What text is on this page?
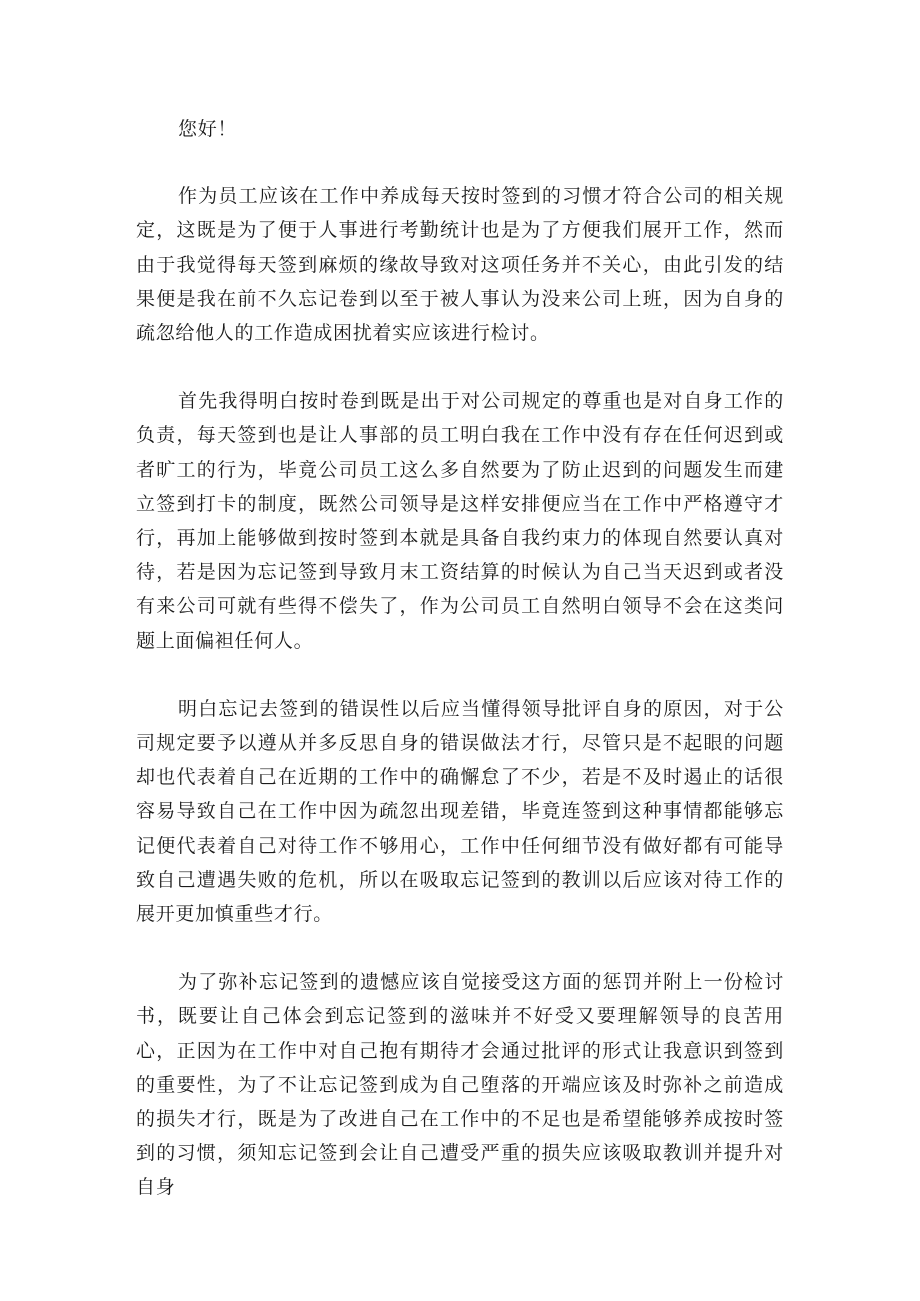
您好！

作为员工应该在工作中养成每天按时签到的习惯才符合公司的相关规定，这既是为了便于人事进行考勤统计也是为了方便我们展开工作，然而由于我觉得每天签到麻烦的缘故导致对这项任务并不关心，由此引发的结果便是我在前不久忘记卷到以至于被人事认为没来公司上班，因为自身的疏忽给他人的工作造成困扰着实应该进行检讨。

首先我得明白按时卷到既是出于对公司规定的尊重也是对自身工作的负责，每天签到也是让人事部的员工明白我在工作中没有存在任何迟到或者旷工的行为，毕竟公司员工这么多自然要为了防止迟到的问题发生而建立签到打卡的制度，既然公司领导是这样安排便应当在工作中严格遵守才行，再加上能够做到按时签到本就是具备自我约束力的体现自然要认真对待，若是因为忘记签到导致月末工资结算的时候认为自己当天迟到或者没有来公司可就有些得不偿失了，作为公司员工自然明白领导不会在这类问题上面偏袒任何人。

明白忘记去签到的错误性以后应当懂得领导批评自身的原因，对于公司规定要予以遵从并多反思自身的错误做法才行，尽管只是不起眼的问题却也代表着自己在近期的工作中的确懈怠了不少，若是不及时遏止的话很容易导致自己在工作中因为疏忽出现差错，毕竟连签到这种事情都能够忘记便代表着自己对待工作不够用心，工作中任何细节没有做好都有可能导致自己遭遇失败的危机，所以在吸取忘记签到的教训以后应该对待工作的展开更加慎重些才行。

为了弥补忘记签到的遗憾应该自觉接受这方面的惩罚并附上一份检讨书，既要让自己体会到忘记签到的滋味并不好受又要理解领导的良苦用心，正因为在工作中对自己抱有期待才会通过批评的形式让我意识到签到的重要性，为了不让忘记签到成为自己堕落的开端应该及时弥补之前造成的损失才行，既是为了改进自己在工作中的不足也是希望能够养成按时签到的习惯，须知忘记签到会让自己遭受严重的损失应该吸取教训并提升对自身
